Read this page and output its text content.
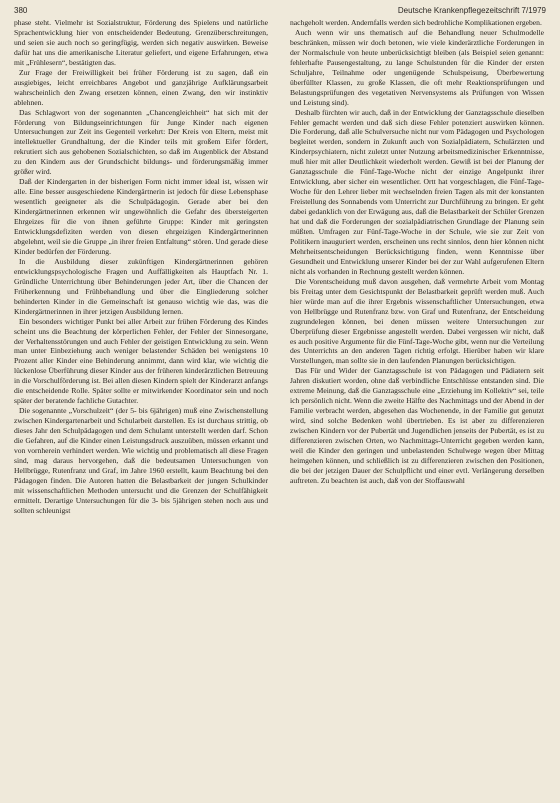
380	Deutsche Krankenpflegezeitschrift 7/1979

phase steht. Vielmehr ist Sozialstruktur, Förderung des Spielens und natürliche Sprachentwicklung hier von entscheidender Bedeutung. Grenzüberschreitungen, und seien sie auch noch so geringfügig, werden sich negativ auswirken. Beweise dafür hat uns die amerikanische Literatur geliefert, und eigene Erfahrungen, etwa mit „Frühlesern“, bestätigten das.

Zur Frage der Freiwilligkeit bei früher Förderung ist zu sagen, daß ein ausgiebiges, leicht erreichbares Angebot und ganzjährige Aufklärungsarbeit wahrscheinlich den Zwang ersetzen können, einen Zwang, den wir instinktiv ablehnen.

Das Schlagwort von der sogenannten „Chancengleichheit“ hat sich mit der Förderung von Bildungseinrichtungen für Junge Kinder nach eigenen Untersuchungen zur Zeit ins Gegenteil verkehrt: Der Kreis von Eltern, meist mit intellektueller Grundhaltung, der die Kinder teils mit großem Eifer fördert, rekrutiert sich aus gehobenen Sozialschichten, so daß im Augenblick der Abstand zu den Kindern aus der Grundschicht bildungs- und förderungsmäßig immer größer wird.

Daß der Kindergarten in der bisherigen Form nicht immer ideal ist, wissen wir alle. Eine besser ausgeschiedene Kindergärtnerin ist jedoch für diese Lebensphase wesentlich geeigneter als die Schulpädagogin. Gerade aber bei den Kindergärtnerinnen erkennen wir ungewöhnlich die Gefahr des übersteigerten Ehrgeizes für die von ihnen geführte Gruppe: Kinder mit geringsten Entwicklungsdefiziten werden von diesen ehrgeizigen Kindergärtnerinnen abgelehnt, weil sie die Gruppe „in ihrer freien Entfaltung“ stören. Und gerade diese Kinder bedürfen der Förderung.

In die Ausbildung dieser zukünftigen Kindergärtnerinnen gehören entwicklungspsychologische Fragen und Auffälligkeiten als Hauptfach Nr. 1. Gründliche Unterrichtung über Behinderungen jeder Art, über die Chancen der Früherkennung und Frühbehandlung und über die Eingliederung solcher behinderten Kinder in die Gemeinschaft ist genauso wichtig wie das, was die Kindergärtnerinnen in ihrer jetzigen Ausbildung lernen.

Ein besonders wichtiger Punkt bei aller Arbeit zur frühen Förderung des Kindes scheint uns die Beachtung der körperlichen Fehler, der Fehler der Sinnesorgane, der Verhaltensstörungen und auch Fehler der geistigen Entwicklung zu sein. Wenn man unter Einbeziehung auch weniger belastender Schäden bei wenigstens 10 Prozent aller Kinder eine Behinderung annimmt, dann wird klar, wie wichtig die lückenlose Überführung dieser Kinder aus der früheren kinderärztlichen Betreuung in die Vorschulförderung ist. Bei allen diesen Kindern spielt der Kinderarzt anfangs die entscheidende Rolle. Später sollte er mitwirkender Koordinator sein und noch später der beratende fachliche Gutachter.

Die sogenannte „Vorschulzeit“ (der 5- bis 6jährigen) muß eine Zwischenstellung zwischen Kindergartenarbeit und Schularbeit darstellen. Es ist durchaus strittig, ob dieses Jahr den Schulpädagogen und dem Schulamt unterstellt werden darf. Schon die Gefahren, auf die Kinder einen Leistungsdruck auszuüben, müssen erkannt und von vornherein verhindert werden. Wie wichtig und problematisch all diese Fragen sind, mag daraus hervorgehen, daß die bedeutsamen Untersuchungen von Hellbrügge, Rutenfranz und Graf, im Jahre 1960 erstellt, kaum Beachtung bei den Pädagogen finden. Die Autoren hatten die Belastbarkeit der jungen Schulkinder mit wissenschaftlichen Methoden untersucht und die Grenzen der Schulfähigkeit ermittelt. Derartige Untersuchungen für die 3- bis 5jährigen stehen noch aus und sollten schleunigst

nachgeholt werden. Andernfalls werden sich bedrohliche Komplikationen ergeben.

Auch wenn wir uns thematisch auf die Behandlung neuer Schulmodelle beschränken, müssen wir doch betonen, wie viele kinderärztliche Forderungen in der Normalschule von heute unberücksichtigt bleiben (als Beispiel seien genannt: fehlerhafte Pausengestaltung, zu lange Schulstunden für die Kinder der ersten Schuljahre, Teilnahme oder ungenügende Schulspeisung, Überbewertung überfüllter Klassen, zu große Klassen, die oft mehr Reaktionsprüfungen und Belastungsprüfungen des vegetativen Nervensystems als Prüfungen von Wissen und Leistung sind).

Deshalb fürchten wir auch, daß in der Entwicklung der Ganztagsschule dieselben Fehler gemacht werden und daß sich diese Fehler potenziert auswirken können. Die Forderung, daß alle Schulversuche nicht nur vom Pädagogen und Psychologen begleitet werden, sondern in Zukunft auch von Sozialpädiatern, Schulärzten und Kinderpsychiatern, nicht zuletzt unter Nutzung arbeitsmedizinischer Erkenntnisse, muß hier mit aller Deutlichkeit wiederholt werden. Gewiß ist bei der Planung der Ganztagsschule die Fünf-Tage-Woche nicht der einzige Angelpunkt ihrer Entwicklung, aber sicher ein wesentlicher. Ortt hat vorgeschlagen, die Fünf-Tage-Woche für den Lehrer lieber mit wechselnden freien Tagen als mit der konstanten Freistellung des Sonnabends vom Unterricht zur Durchführung zu bringen. Er geht dabei gedanklich von der Erwägung aus, daß die Belastbarkeit der Schüler Grenzen hat und daß die Forderungen der sozialpädiatrischen Grundlage der Planung sein müßten. Umfragen zur Fünf-Tage-Woche in der Schule, wie sie zur Zeit von Politikern inauguriert werden, erscheinen uns recht sinnlos, denn hier können nicht Mehrheitsentscheidungen Berücksichtigung finden, wenn Kenntnisse über Gesundheit und Entwicklung unserer Kinder bei der zur Wahl aufgerufenen Eltern nicht als vorhanden in Rechnung gestellt werden können.

Die Vorentscheidung muß davon ausgehen, daß vermehrte Arbeit vom Montag bis Freitag unter dem Gesichtspunkt der Belastbarkeit geprüft werden muß. Auch hier würde man auf die ihrer Ergebnis wissenschaftlicher Untersuchungen, etwa von Hellbrügge und Rutenfranz bzw. von Graf und Rutenfranz, der Entscheidung zugrundelegen können, bei denen müssen weitere Untersuchungen zur Überprüfung dieser Ergebnisse angestellt werden. Dabei vergessen wir nicht, daß es auch positive Argumente für die Fünf-Tage-Woche gibt, wenn nur die Verteilung des Unterrichts an den anderen Tagen richtig erfolgt. Hierüber haben wir klare Vorstellungen, man sollte sie in den laufenden Planungen berücksichtigen.

Das Für und Wider der Ganztagsschule ist von Pädagogen und Pädiatern seit Jahren diskutiert worden, ohne daß verbindliche Entschlüsse entstanden sind. Die extreme Meinung, daß die Ganztagsschule eine „Erziehung im Kollektiv“ sei, teile ich persönlich nicht. Wenn die zweite Hälfte des Nachmittags und der Abend in der Familie verbracht werden, abgesehen das Wochenende, in der Familie gut genutzt wird, sind solche Bedenken wohl übertrieben. Es ist aber zu differenzieren zwischen Kindern vor der Pubertät und Jugendlichen jenseits der Pubertät, es ist zu differenzieren zwischen Orten, wo Nachmittags-Unterricht gegeben werden kann, weil die Kinder den geringen und unbelastenden Schulwege wegen über Mittag heimgehen können, und schließlich ist zu differenzieren zwischen den Positionen, die bei der jetzigen Dauer der Schulpflicht und einer evtl. Verlängerung derselben auftreten. Zu beachten ist auch, daß von der Stoffauswahl
